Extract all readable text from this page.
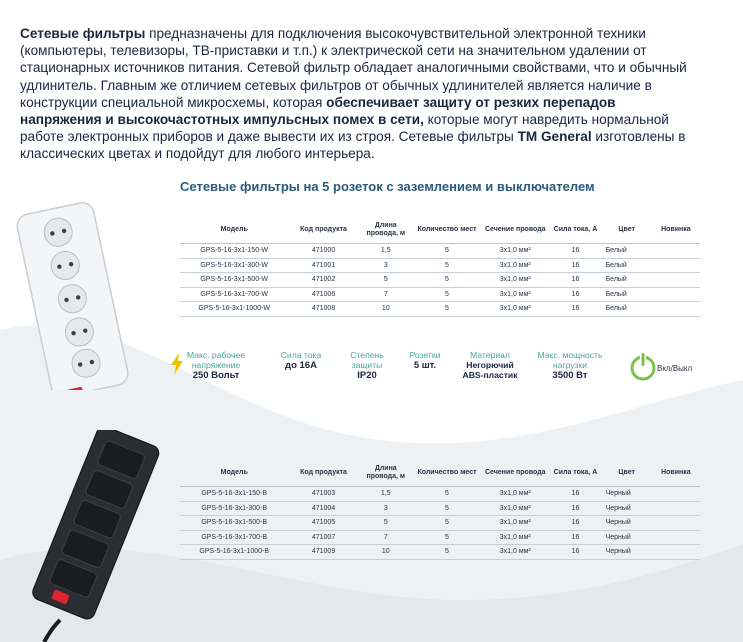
Сетевые фильтры предназначены для подключения высокочувствительной электронной техники (компьютеры, телевизоры, ТВ-приставки и т.п.) к электрической сети на значительном удалении от стационарных источников питания. Сетевой фильтр обладает аналогичными свойствами, что и обычный удлинитель. Главным же отличием сетевых фильтров от обычных удлинителей является наличие в конструкции специальной микросхемы, которая обеспечивает защиту от резких перепадов напряжения и высокочастотных импульсных помех в сети, которые могут навредить нормальной работе электронных приборов и даже вывести их из строя. Сетевые фильтры ТМ General изготовлены в классических цветах и подойдут для любого интерьера.

Сетевые фильтры на 5 розеток с заземлением и выключателем
Модель	Код продукта	Длина провода, м	Количество мест	Сечение провода	Сила тока, А	Цвет	Новинка
GPS-5-16-3x1-150-W	471000	1,5	5	3x1,0 мм²	16	Белый	
GPS-5-16-3x1-300-W	471001	3	5	3x1,0 мм²	16	Белый	
GPS-5-16-3x1-500-W	471002	5	5	3x1,0 мм²	16	Белый	
GPS-5-16-3x1-700-W	471006	7	5	3x1,0 мм²	16	Белый	
GPS-5-16-3x1-1000-W	471008	10	5	3x1,0 мм²	16	Белый	
Макс. рабочее
напряжение
250 Вольт
Сила тока
до 16А
Степень
защиты
IP20
Розетки
5 шт.
Материал
Негорючий
ABS-пластик
Макс. мощность
нагрузки
3500 Вт
Вкл/Выкл
Модель	Код продукта	Длина провода, м	Количество мест	Сечение провода	Сила тока, А	Цвет	Новинка
GPS-5-16-3x1-150-B	471003	1,5	5	3x1,0 мм²	16	Черный	
GPS-5-16-3x1-300-B	471004	3	5	3x1,0 мм²	16	Черный	
GPS-5-16-3x1-500-B	471005	5	5	3x1,0 мм²	16	Черный	
GPS-5-16-3x1-700-B	471007	7	5	3x1,0 мм²	16	Черный	
GPS-5-16-3x1-1000-B	471009	10	5	3x1,0 мм²	16	Черный	
